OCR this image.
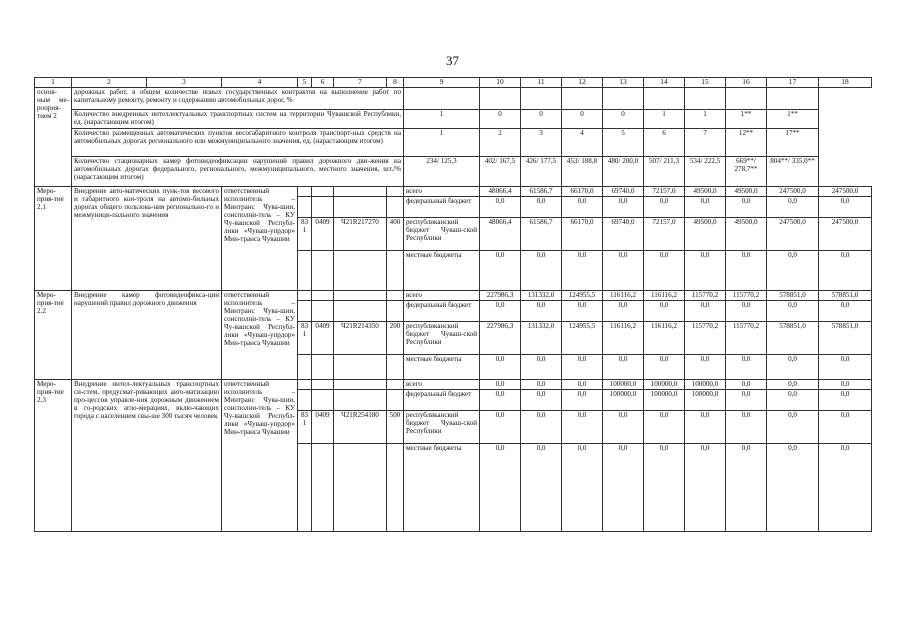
37
1	2	3	4	5	6	7	8	9	10	11	12	13	14	15	16	17	18
основ-ным ме-роприя-тием 2	дорожных работ, в общем количестве новых государственных контрактов на выполнение работ по капитальному ремонту, ремонту и содержанию автомобильных дорог, %																
	Количество внедренных интеллектуальных транспортных систем на территории Чувашской Республики, ед. (нарастающим итогом)							1	0	0	0	0	1	1	1**	1**	
	Количество размещенных автоматических пунктов весогабаритного контроля транспорт-ных средств на автомобильных дорогах регионального или межмуниципального значения, ед. (нарастающим итогом)							1	2	3	4	5	6	7	12**	17**	
	Количество стационарных камер фотовидеофиксации нарушений правил дорожного дви-жения на автомобильных дорогах федерального, регионального, межмуниципального, местного значения, шт./% (нарастающим итогом)							234/ 125,3	402/ 167,5	426/ 177,5	453/ 188,8	480/ 200,0	507/ 211,3	534/ 222,5	669**/ 278,7**	804**/ 335,0**	
Меро-прия-тие 2.1	Внедрение авто-матических пунк-тов весового и габаритного кон-троля на автомо-бильных дорогах общего пользова-ния регионально-го и межмуници-пального значения		ответственный исполнитель – Минтранс Чува-шии, соисполни-тель – КУ Чу-вашской Республ-лики «Чуваш-упрдор» Мин-транса Чувашии					всего	48066,4	61586,7	66170,0	69740,0	72157,0	49500,0	49500,0	247500,0	247500,0
								федеральный бюджет	0,0	0,0	0,0	0,0	0,0	0,0	0,0	0,0	0,0
				831	0409	Ч21R217270	400	республиканский бюджет Чуваш-ской Республики	48066,4	61586,7	66170,0	69740,0	72157,0	49500,0	49500,0	247500,0	247500,0
								местные бюджеты	0,0	0,0	0,0	0,0	0,0	0,0	0,0	0,0	0,0
Меро-прия-тие 2.2	Внедрение камер фотовидеофикса-ции нарушений правил дорожного движения		ответственный исполнитель – Минтранс Чува-шии, соисполни-тель – КУ Чу-вашской Республ-лики «Чуваш-упрдор» Мин-транса Чувашии					всего	227986,3	131332,0	124955,5	116116,2	116116,2	115770,2	115770,2	578851,0	578851,0
								федеральный бюджет	0,0	0,0	0,0	0,0	0,0	0,0	0,0	0,0	0,0
				831	0409	Ч21R214350	200	республиканский бюджет Чуваш-ской Республики	227986,3	131332,0	124955,5	116116,2	116116,2	115770,2	115770,2	578851,0	578851,0
								местные бюджеты	0,0	0,0	0,0	0,0	0,0	0,0	0,0	0,0	0,0
Меро-прия-тие 2.3	Внедрение интел-лектуальных транспортных си-стем, предусмат-ривающих авто-матизацию про-цессов управле-ния дорожным движением в го-родских агло-мерациях, вклю-чающих города с населением свы-ше 300 тысяч человек		ответственный исполнитель – Минтранс Чува-шии, соисполни-тель – КУ Чу-вашской Республ-лики «Чуваш-упрдор» Мин-транса Чувашии					всего	0,0	0,0	0,0	100000,0	100000,0	100000,0	0,0	0,0	0,0
								федеральный бюджет	0,0	0,0	0,0	100000,0	100000,0	100000,0	0,0	0,0	0,0
				831	0409	Ч21R254180	500	республиканский бюджет Чуваш-ской Республики	0,0	0,0	0,0	0,0	0,0	0,0	0,0	0,0	0,0
								местные бюджеты	0,0	0,0	0,0	0,0	0,0	0,0	0,0	0,0	0,0
